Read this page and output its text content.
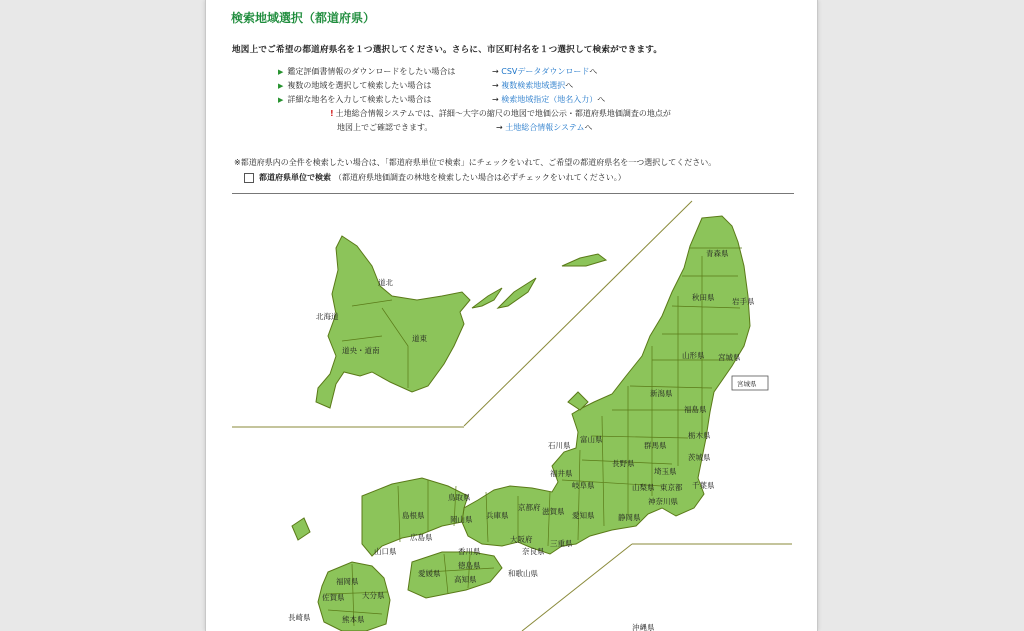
検索地域選択（都道府県）
地図上でご希望の都道府県名を１つ選択してください。さらに、市区町村名を１つ選択して検索ができます。
▶ 鑑定評価書情報のダウンロードをしたい場合は	→ CSVデータダウンロードへ
▶ 複数の地域を選択して検索したい場合は	→ 複数検索地域選択へ
▶ 詳細な地名を入力して検索したい場合は	→ 検索地域指定（地名入力）へ
! 土地総合情報システムでは、詳細～大字の縮尺の地図で地価公示・都道府県地価調査の地点が
地図上でご確認できます。	→ 土地総合情報システムへ
※都道府県内の全件を検索したい場合は、「都道府県単位で検索」にチェックをいれて、ご希望の都道府県名を一つ選択してください。
都道府県単位で検索 （都道府県地価調査の林地を検索したい場合は必ずチェックをいれてください。）
道北
北海道
道東
道央・道南
宮城県
青森県
秋田県 岩手県
山形県 宮城県
新潟県
福島県
石川県
富山県	栃木県
群馬県
長野県
茨城県
福井県	埼玉県
岐阜県	山梨県 東京都 千葉県
鳥取県	神奈川県
島根県	岡山県 兵庫県
京都府 滋賀県 愛知県	静岡県
広島県	大阪府 三重県
山口県	香川県	奈良県
徳島県
愛媛県	和歌山県
高知県
福岡県
大分県
佐賀県
長崎県	熊本県
沖縄県
